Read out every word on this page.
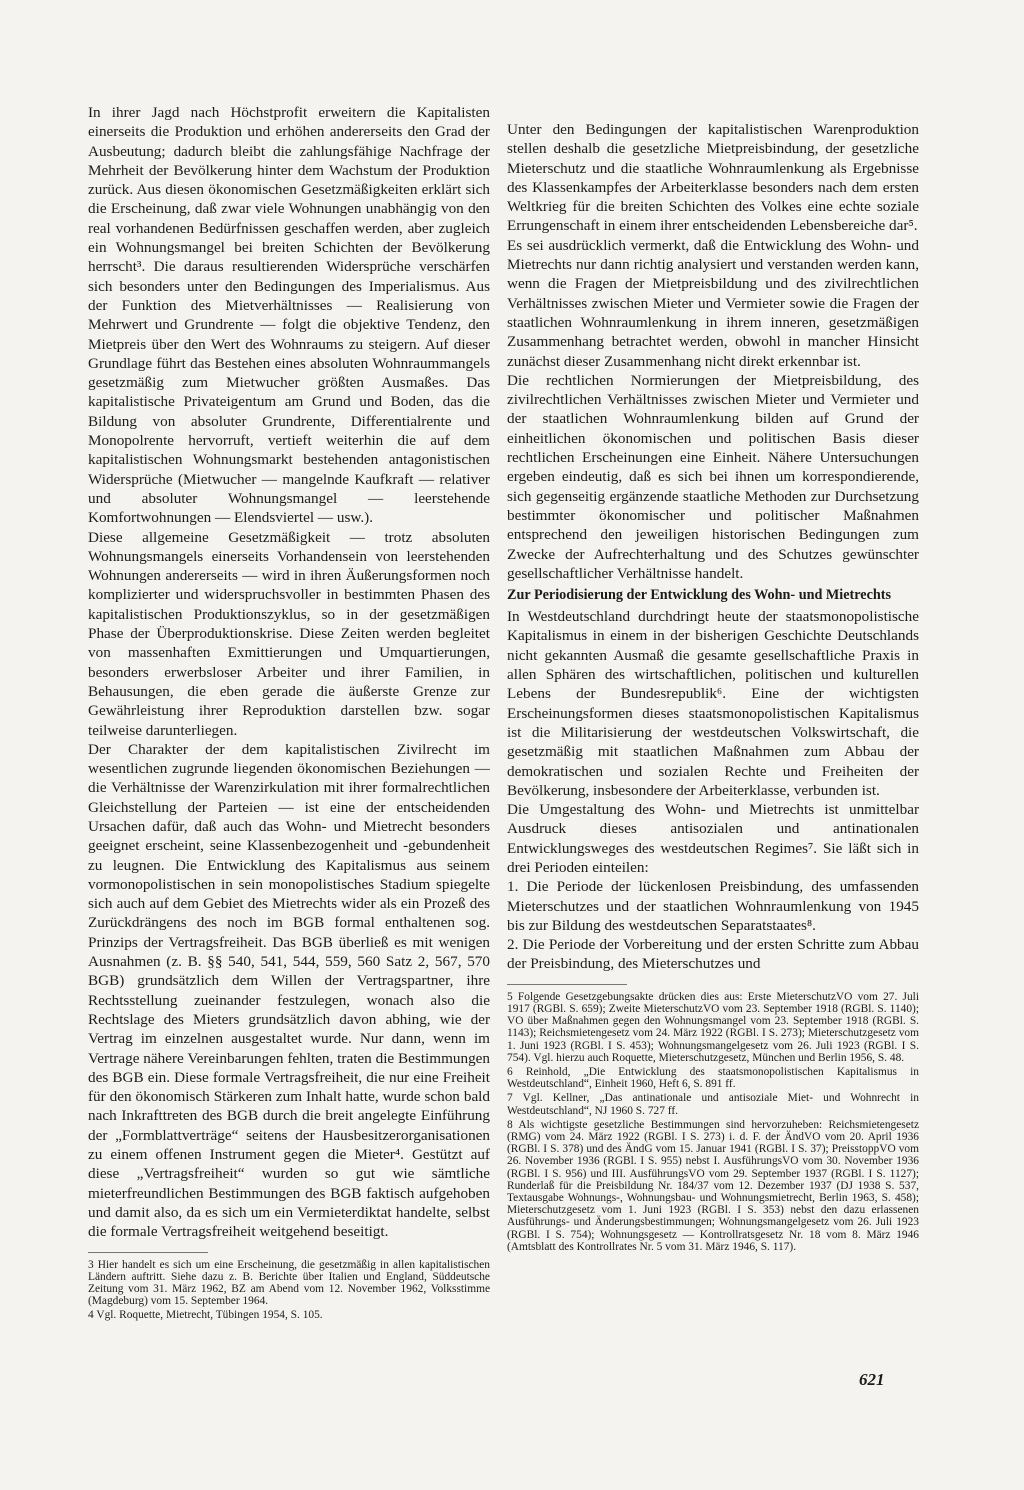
In ihrer Jagd nach Höchstprofit erweitern die Kapitalisten einerseits die Produktion und erhöhen andererseits den Grad der Ausbeutung; dadurch bleibt die zahlungsfähige Nachfrage der Mehrheit der Bevölkerung hinter dem Wachstum der Produktion zurück. Aus diesen ökonomischen Gesetzmäßigkeiten erklärt sich die Erscheinung, daß zwar viele Wohnungen unabhängig von den real vorhandenen Bedürfnissen geschaffen werden, aber zugleich ein Wohnungsmangel bei breiten Schichten der Bevölkerung herrscht³. Die daraus resultierenden Widersprüche verschärfen sich besonders unter den Bedingungen des Imperialismus. Aus der Funktion des Mietverhältnisses — Realisierung von Mehrwert und Grundrente — folgt die objektive Tendenz, den Mietpreis über den Wert des Wohnraums zu steigern. Auf dieser Grundlage führt das Bestehen eines absoluten Wohnraummangels gesetzmäßig zum Mietwucher größten Ausmaßes. Das kapitalistische Privateigentum am Grund und Boden, das die Bildung von absoluter Grundrente, Differentialrente und Monopolrente hervorruft, vertieft weiterhin die auf dem kapitalistischen Wohnungsmarkt bestehenden antagonistischen Widersprüche (Mietwucher — mangelnde Kaufkraft — relativer und absoluter Wohnungsmangel — leerstehende Komfortwohnungen — Elendsviertel — usw.).

Diese allgemeine Gesetzmäßigkeit — trotz absoluten Wohnungsmangels einerseits Vorhandensein von leerstehenden Wohnungen andererseits — wird in ihren Äußerungsformen noch komplizierter und widerspruchsvoller in bestimmten Phasen des kapitalistischen Produktionszyklus, so in der gesetzmäßigen Phase der Überproduktionskrise. Diese Zeiten werden begleitet von massenhaften Exmittierungen und Umquartierungen, besonders erwerbsloser Arbeiter und ihrer Familien, in Behausungen, die eben gerade die äußerste Grenze zur Gewährleistung ihrer Reproduktion darstellen bzw. sogar teilweise darunterliegen.

Der Charakter der dem kapitalistischen Zivilrecht im wesentlichen zugrunde liegenden ökonomischen Beziehungen — die Verhältnisse der Warenzirkulation mit ihrer formalrechtlichen Gleichstellung der Parteien — ist eine der entscheidenden Ursachen dafür, daß auch das Wohn- und Mietrecht besonders geeignet erscheint, seine Klassenbezogenheit und -gebundenheit zu leugnen. Die Entwicklung des Kapitalismus aus seinem vormonopolistischen in sein monopolistisches Stadium spiegelte sich auch auf dem Gebiet des Mietrechts wider als ein Prozeß des Zurückdrängens des noch im BGB formal enthaltenen sog. Prinzips der Vertragsfreiheit. Das BGB überließ es mit wenigen Ausnahmen (z. B. §§ 540, 541, 544, 559, 560 Satz 2, 567, 570 BGB) grundsätzlich dem Willen der Vertragspartner, ihre Rechtsstellung zueinander festzulegen, wonach also die Rechtslage des Mieters grundsätzlich davon abhing, wie der Vertrag im einzelnen ausgestaltet wurde. Nur dann, wenn im Vertrage nähere Vereinbarungen fehlten, traten die Bestimmungen des BGB ein. Diese formale Vertragsfreiheit, die nur eine Freiheit für den ökonomisch Stärkeren zum Inhalt hatte, wurde schon bald nach Inkrafttreten des BGB durch die breit angelegte Einführung der „Formblattverträge“ seitens der Hausbesitzerorganisationen zu einem offenen Instrument gegen die Mieter⁴. Gestützt auf diese „Vertragsfreiheit“ wurden so gut wie sämtliche mieterfreundlichen Bestimmungen des BGB faktisch aufgehoben und damit also, da es sich um ein Vermieterdiktat handelte, selbst die formale Vertragsfreiheit weitgehend beseitigt.

3 Hier handelt es sich um eine Erscheinung, die gesetzmäßig in allen kapitalistischen Ländern auftritt. Siehe dazu z. B. Berichte über Italien und England, Süddeutsche Zeitung vom 31. März 1962, BZ am Abend vom 12. November 1962, Volksstimme (Magdeburg) vom 15. September 1964.

4 Vgl. Roquette, Mietrecht, Tübingen 1954, S. 105.

Unter den Bedingungen der kapitalistischen Warenproduktion stellen deshalb die gesetzliche Mietpreisbindung, der gesetzliche Mieterschutz und die staatliche Wohnraumlenkung als Ergebnisse des Klassenkampfes der Arbeiterklasse besonders nach dem ersten Weltkrieg für die breiten Schichten des Volkes eine echte soziale Errungenschaft in einem ihrer entscheidenden Lebensbereiche dar⁵.

Es sei ausdrücklich vermerkt, daß die Entwicklung des Wohn- und Mietrechts nur dann richtig analysiert und verstanden werden kann, wenn die Fragen der Mietpreisbildung und des zivilrechtlichen Verhältnisses zwischen Mieter und Vermieter sowie die Fragen der staatlichen Wohnraumlenkung in ihrem inneren, gesetzmäßigen Zusammenhang betrachtet werden, obwohl in mancher Hinsicht zunächst dieser Zusammenhang nicht direkt erkennbar ist.

Die rechtlichen Normierungen der Mietpreisbildung, des zivilrechtlichen Verhältnisses zwischen Mieter und Vermieter und der staatlichen Wohnraumlenkung bilden auf Grund der einheitlichen ökonomischen und politischen Basis dieser rechtlichen Erscheinungen eine Einheit. Nähere Untersuchungen ergeben eindeutig, daß es sich bei ihnen um korrespondierende, sich gegenseitig ergänzende staatliche Methoden zur Durchsetzung bestimmter ökonomischer und politischer Maßnahmen entsprechend den jeweiligen historischen Bedingungen zum Zwecke der Aufrechterhaltung und des Schutzes gewünschter gesellschaftlicher Verhältnisse handelt.

Zur Periodisierung der Entwicklung des Wohn- und Mietrechts

In Westdeutschland durchdringt heute der staatsmonopolistische Kapitalismus in einem in der bisherigen Geschichte Deutschlands nicht gekannten Ausmaß die gesamte gesellschaftliche Praxis in allen Sphären des wirtschaftlichen, politischen und kulturellen Lebens der Bundesrepublik⁶. Eine der wichtigsten Erscheinungsformen dieses staatsmonopolistischen Kapitalismus ist die Militarisierung der westdeutschen Volkswirtschaft, die gesetzmäßig mit staatlichen Maßnahmen zum Abbau der demokratischen und sozialen Rechte und Freiheiten der Bevölkerung, insbesondere der Arbeiterklasse, verbunden ist.

Die Umgestaltung des Wohn- und Mietrechts ist unmittelbar Ausdruck dieses antisozialen und antinationalen Entwicklungsweges des westdeutschen Regimes⁷. Sie läßt sich in drei Perioden einteilen:

1. Die Periode der lückenlosen Preisbindung, des umfassenden Mieterschutzes und der staatlichen Wohnraumlenkung von 1945 bis zur Bildung des westdeutschen Separatstaates⁸.

2. Die Periode der Vorbereitung und der ersten Schritte zum Abbau der Preisbindung, des Mieterschutzes und

5 Folgende Gesetzgebungsakte drücken dies aus: Erste MieterschutzVO vom 27. Juli 1917 (RGBl. S. 659); Zweite MieterschutzVO vom 23. September 1918 (RGBl. S. 1140); VO über Maßnahmen gegen den Wohnungsmangel vom 23. September 1918 (RGBl. S. 1143); Reichsmietengesetz vom 24. März 1922 (RGBl. I S. 273); Mieterschutzgesetz vom 1. Juni 1923 (RGBl. I S. 453); Wohnungsmangelgesetz vom 26. Juli 1923 (RGBl. I S. 754). Vgl. hierzu auch Roquette, Mieterschutzgesetz, München und Berlin 1956, S. 48.

6 Reinhold, „Die Entwicklung des staatsmonopolistischen Kapitalismus in Westdeutschland“, Einheit 1960, Heft 6, S. 891 ff.

7 Vgl. Kellner, „Das antinationale und antisoziale Miet- und Wohnrecht in Westdeutschland“, NJ 1960 S. 727 ff.

8 Als wichtigste gesetzliche Bestimmungen sind hervorzuheben: Reichsmietengesetz (RMG) vom 24. März 1922 (RGBl. I S. 273) i. d. F. der ÄndVO vom 20. April 1936 (RGBl. I S. 378) und des ÄndG vom 15. Januar 1941 (RGBl. I S. 37); PreisstoppVO vom 26. November 1936 (RGBl. I S. 955) nebst I. AusführungsVO vom 30. November 1936 (RGBl. I S. 956) und III. AusführungsVO vom 29. September 1937 (RGBl. I S. 1127); Runderlaß für die Preisbildung Nr. 184/37 vom 12. Dezember 1937 (DJ 1938 S. 537, Textausgabe Wohnungs-, Wohnungsbau- und Wohnungsmietrecht, Berlin 1963, S. 458); Mieterschutzgesetz vom 1. Juni 1923 (RGBl. I S. 353) nebst den dazu erlassenen Ausführungs- und Änderungsbestimmungen; Wohnungsmangelgesetz vom 26. Juli 1923 (RGBl. I S. 754); Wohnungsgesetz — Kontrollratsgesetz Nr. 18 vom 8. März 1946 (Amtsblatt des Kontrollrates Nr. 5 vom 31. März 1946, S. 117).

621
